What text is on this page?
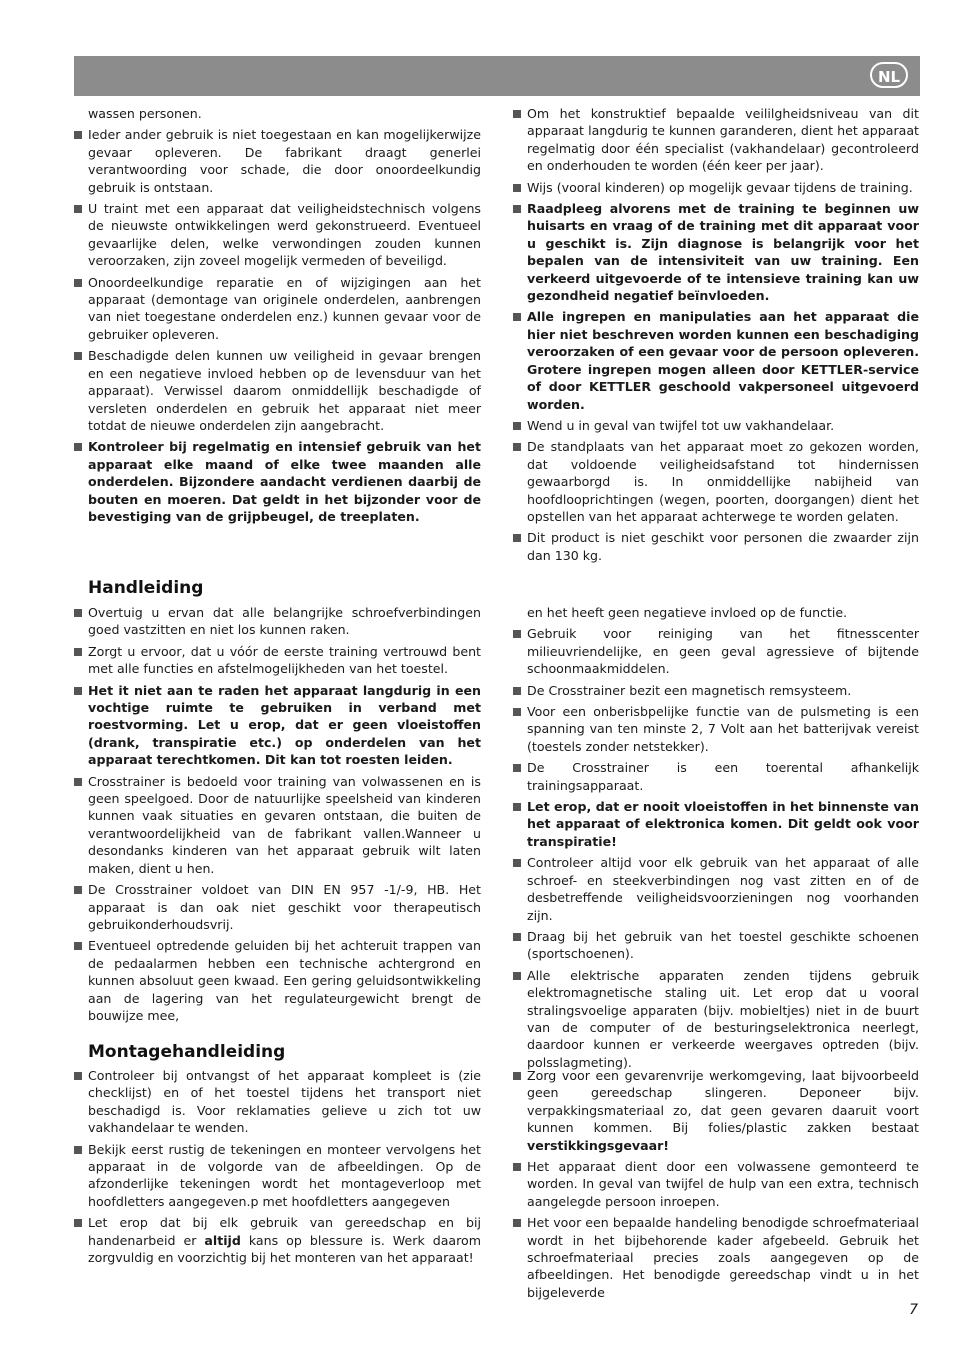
NL

wassen personen.

Ieder ander gebruik is niet toegestaan en kan mogelijkerwijze gevaar opleveren. De fabrikant draagt generlei verantwoording voor schade, die door onoordeelkundig gebruik is ontstaan.

U traint met een apparaat dat veiligheidstechnisch volgens de nieuwste ontwikkelingen werd gekonstrueerd. Eventueel gevaarlijke delen, welke verwondingen zouden kunnen veroorzaken, zijn zoveel mogelijk vermeden of beveiligd.

Onoordeelkundige reparatie en of wijzigingen aan het apparaat (demontage van originele onderdelen, aanbrengen van niet toegestane onderdelen enz.) kunnen gevaar voor de gebruiker opleveren.

Beschadigde delen kunnen uw veiligheid in gevaar brengen en een negatieve invloed hebben op de levensduur van het apparaat). Verwissel daarom onmiddellijk beschadigde of versleten onderdelen en gebruik het apparaat niet meer totdat de nieuwe onderdelen zijn aangebracht.

Kontroleer bij regelmatig en intensief gebruik van het apparaat elke maand of elke twee maanden alle onderdelen. Bijzondere aandacht verdienen daarbij de bouten en moeren. Dat geldt in het bijzonder voor de bevestiging van de grijpbeugel, de treeplaten.

Om het konstruktief bepaalde veililgheidsniveau van dit apparaat langdurig te kunnen garanderen, dient het apparaat regelmatig door één specialist (vakhandelaar) gecontroleerd en onderhouden te worden (één keer per jaar).

Wijs (vooral kinderen) op mogelijk gevaar tijdens de training.

Raadpleeg alvorens met de training te beginnen uw huisarts en vraag of de training met dit apparaat voor u geschikt is. Zijn diagnose is belangrijk voor het bepalen van de intensiviteit van uw training. Een verkeerd uitgevoerde of te intensieve training kan uw gezondheid negatief beïnvloeden.

Alle ingrepen en manipulaties aan het apparaat die hier niet beschreven worden kunnen een beschadiging veroorzaken of een gevaar voor de persoon opleveren. Grotere ingrepen mogen alleen door KETTLER-service of door KETTLER geschoold vakpersoneel uitgevoerd worden.

Wend u in geval van twijfel tot uw vakhandelaar.

De standplaats van het apparaat moet zo gekozen worden, dat voldoende veiligheidsafstand tot hindernissen gewaarborgd is. In onmiddellijke nabijheid van hoofdlooprichtingen (wegen, poorten, doorgangen) dient het opstellen van het apparaat achterwege te worden gelaten.

Dit product is niet geschikt voor personen die zwaarder zijn dan 130 kg.

Handleiding

Overtuig u ervan dat alle belangrijke schroefverbindingen goed vastzitten en niet los kunnen raken.

Zorgt u ervoor, dat u vóór de eerste training vertrouwd bent met alle functies en afstelmogelijkheden van het toestel.

Het it niet aan te raden het apparaat langdurig in een vochtige ruimte te gebruiken in verband met roestvorming. Let u erop, dat er geen vloeistoffen (drank, transpiratie etc.) op onderdelen van het apparaat terechtkomen. Dit kan tot roesten leiden.

Crosstrainer is bedoeld voor training van volwassenen en is geen speelgoed. Door de natuurlijke speelsheid van kinderen kunnen vaak situaties en gevaren ontstaan, die buiten de verantwoordelijkheid van de fabrikant vallen.Wanneer u desondanks kinderen van het apparaat gebruik wilt laten maken, dient u hen.

De Crosstrainer voldoet van DIN EN 957 -1/-9, HB. Het apparaat is dan oak niet geschikt voor therapeutisch gebruikonderhoudsvrij.

Eventueel optredende geluiden bij het achteruit trappen van de pedaalarmen hebben een technische achtergrond en kunnen absoluut geen kwaad. Een gering geluidsontwikkeling aan de lagering van het regulateurgewicht brengt de bouwijze mee,

en het heeft geen negatieve invloed op de functie.

Gebruik voor reiniging van het fitnesscenter milieuvriendelijke, en geen geval agressieve of bijtende schoonmaakmiddelen.

De Crosstrainer bezit een magnetisch remsysteem.

Voor een onberisbpelijke functie van de pulsmeting is een spanning van ten minste 2, 7 Volt aan het batterijvak vereist (toestels zonder netstekker).

De Crosstrainer is een toerental afhankelijk trainingsapparaat.

Let erop, dat er nooit vloeistoffen in het binnenste van het apparaat of elektronica komen. Dit geldt ook voor transpiratie!

Controleer altijd voor elk gebruik van het apparaat of alle schroef- en steekverbindingen nog vast zitten en of de desbetreffende veiligheidsvoorzieningen nog voorhanden zijn.

Draag bij het gebruik van het toestel geschikte schoenen (sportschoenen).

Alle elektrische apparaten zenden tijdens gebruik elektromagnetische staling uit. Let erop dat u vooral stralingsvoelige apparaten (bijv. mobieltjes) niet in de buurt van de computer of de besturingselektronica neerlegt, daardoor kunnen er verkeerde weergaves optreden (bijv. polsslagmeting).

Montagehandleiding

Controleer bij ontvangst of het apparaat kompleet is (zie checklijst) en of het toestel tijdens het transport niet beschadigd is. Voor reklamaties gelieve u zich tot uw vakhandelaar te wenden.

Bekijk eerst rustig de tekeningen en monteer vervolgens het apparaat in de volgorde van de afbeeldingen. Op de afzonderlijke tekeningen wordt het montageverloop met hoofdletters aangegeven.p met hoofdletters aangegeven

Let erop dat bij elk gebruik van gereedschap en bij handenarbeid er altijd kans op blessure is. Werk daarom zorgvuldig en voorzichtig bij het monteren van het apparaat!

Zorg voor een gevarenvrije werkomgeving, laat bijvoorbeeld geen gereedschap slingeren. Deponeer bijv. verpakkingsmateriaal zo, dat geen gevaren daaruit voort kunnen kommen. Bij folies/plastic zakken bestaat verstikkingsgevaar!

Het apparaat dient door een volwassene gemonteerd te worden. In geval van twijfel de hulp van een extra, technisch aangelegde persoon inroepen.

Het voor een bepaalde handeling benodigde schroefmateriaal wordt in het bijbehorende kader afgebeeld. Gebruik het schroefmateriaal precies zoals aangegeven op de afbeeldingen. Het benodigde gereedschap vindt u in het bijgeleverde

7
